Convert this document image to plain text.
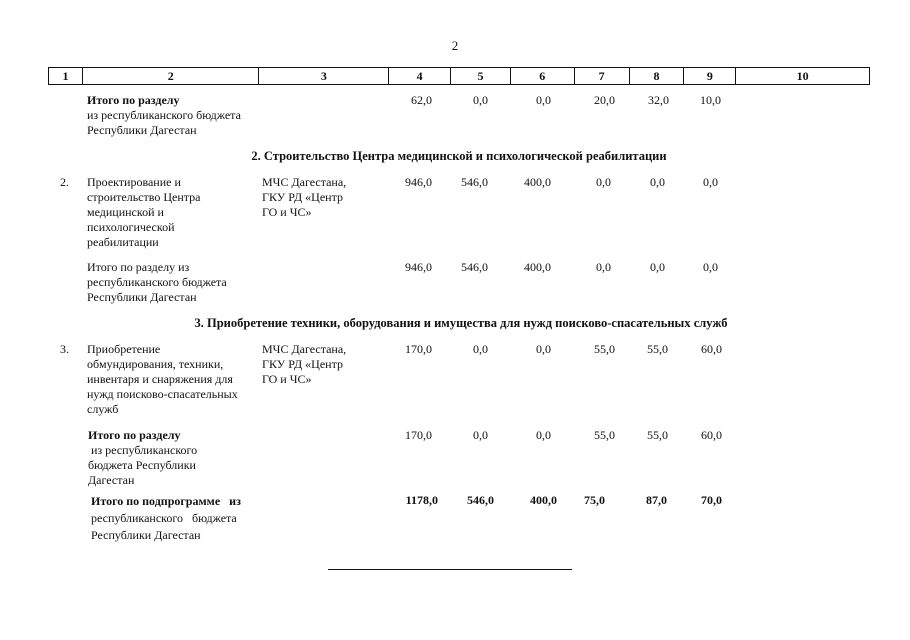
2
1	2	3	4	5	6	7	8	9	10
Итого по разделу
из республиканского бюджета
Республики Дагестан
62,0	0,0	0,0	20,0	32,0	10,0
2. Строительство Центра медицинской и психологической реабилитации
2. Проектирование и
строительство Центра
медицинской и
психологической
реабилитации
МЧС Дагестана,
ГКУ РД «Центр
ГО и ЧС»
946,0	546,0	400,0	0,0	0,0	0,0
Итого по разделу из
республиканского бюджета
Республики Дагестан
946,0	546,0	400,0	0,0	0,0	0,0
3. Приобретение техники, оборудования и имущества для нужд поисково-спасательных служб
3. Приобретение
обмундирования, техники,
инвентаря и снаряжения для
нужд поисково-спасательных
служб
МЧС Дагестана,
ГКУ РД «Центр
ГО и ЧС»
170,0	0,0	0,0	55,0	55,0	60,0
Итого по разделу
из республиканского
бюджета Республики
Дагестан
170,0	0,0	0,0	55,0	55,0	60,0
Итого по подпрограмме   из
республиканского   бюджета
Республики Дагестан
1178,0	546,0	400,0	75,0	87,0	70,0
